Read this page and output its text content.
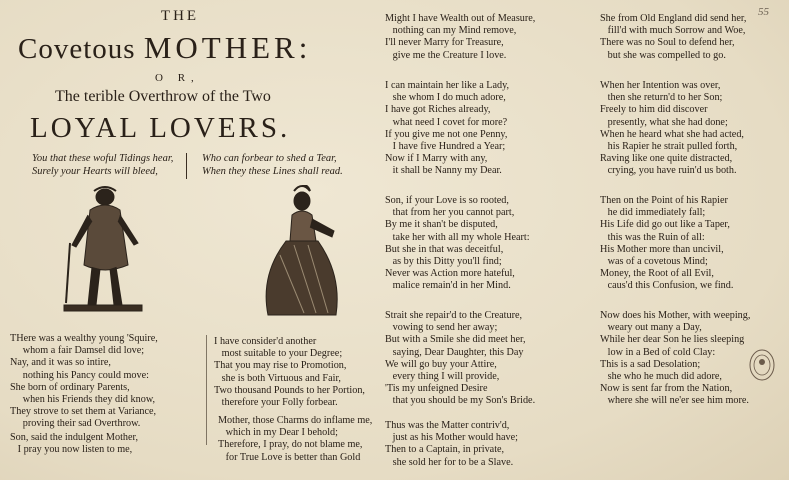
THE
Covetous MOTHER:
O R,
The terible Overthrow of the Two
LOYAL LOVERS.
You that these woful Tidings hear,
Surely your Hearts will bleed,
Who can forbear to shed a Tear,
When they these Lines shall read.
THere was a wealthy young 'Squire,
whom a fair Damsel did love;
Nay, and it was so intire,
nothing his Pancy could move:
She born of ordinary Parents,
when his Friends they did know,
They strove to set them at Variance,
proving their sad Overthrow.
Son, said the indulgent Mother,
I pray you now listen to me,
I have consider'd another
most suitable to your Degree;
That you may rise to Promotion,
she is both Virtuous and Fair,
Two thousand Pounds to her Portion,
therefore your Folly forbear.
Mother, those Charms do inflame me,
which in my Dear I behold;
Therefore, I pray, do not blame me,
for True Love is better than Gold
Might I have Wealth out of Measure,
nothing can my Mind remove,
I'll never Marry for Treasure,
give me the Creature I love.
I can maintain her like a Lady,
she whom I do much adore,
I have got Riches already,
what need I covet for more?
If you give me not one Penny,
I have five Hundred a Year;
Now if I Marry with any,
it shall be Nanny my Dear.
Son, if your Love is so rooted,
that from her you cannot part,
By me it shan't be disputed,
take her with all my whole Heart:
But she in that was deceitful,
as by this Ditty you'll find;
Never was Action more hateful,
malice remain'd in her Mind.
Strait she repair'd to the Creature,
vowing to send her away;
But with a Smile she did meet her,
saying, Dear Daughter, this Day
We will go buy your Attire,
every thing I will provide,
'Tis my unfeigned Desire
that you should be my Son's Bride.
Thus was the Matter contriv'd,
just as his Mother would have;
Then to a Captain, in private,
she sold her for to be a Slave.
She from Old England did send her,
fill'd with much Sorrow and Woe,
There was no Soul to defend her,
but she was compelled to go.
When her Intention was over,
then she return'd to her Son;
Freely to him did discover
presently, what she had done;
When he heard what she had acted,
his Rapier he strait pulled forth,
Raving like one quite distracted,
crying, you have ruin'd us both.
Then on the Point of his Rapier
he did immediately fall;
His Life did go out like a Taper,
this was the Ruin of all:
His Mother more than uncivil,
was of a covetous Mind;
Money, the Root of all Evil,
caus'd this Confusion, we find.
Now does his Mother, with weeping,
weary out many a Day,
While her dear Son he lies sleeping
low in a Bed of cold Clay:
This is a sad Desolation;
she who he much did adore,
Now is sent far from the Nation,
where she will ne'er see him more.
55
